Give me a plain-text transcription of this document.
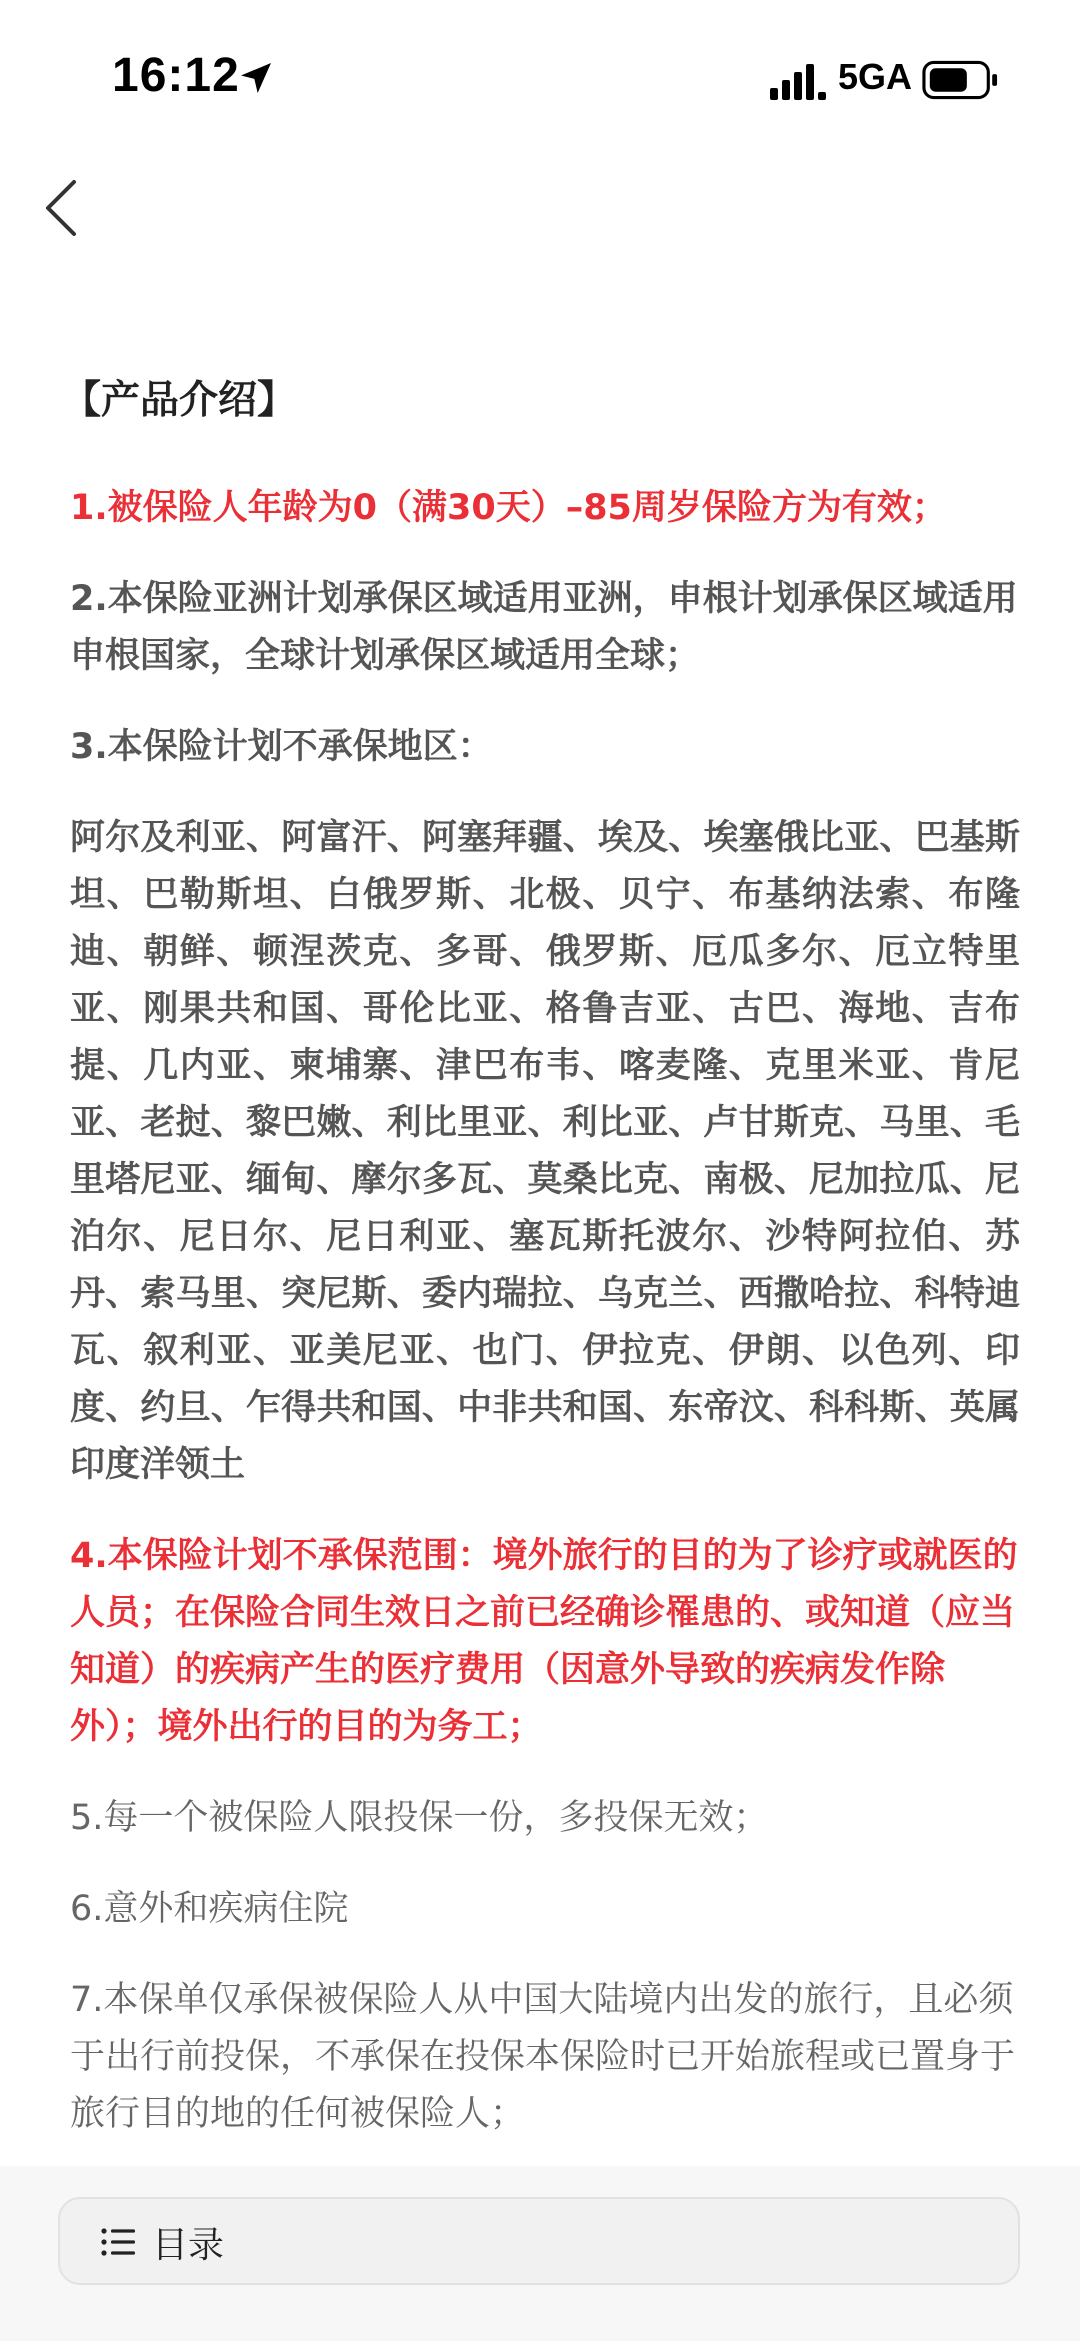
16:12	5GA
【产品介绍】

1.被保险人年龄为0（满30天）–85周岁保险方为有效；

2.本保险亚洲计划承保区域适用亚洲，申根计划承保区域适用申根国家，全球计划承保区域适用全球；

3.本保险计划不承保地区：

阿尔及利亚、阿富汗、阿塞拜疆、埃及、埃塞俄比亚、巴基斯坦、巴勒斯坦、白俄罗斯、北极、贝宁、布基纳法索、布隆迪、朝鲜、顿涅茨克、多哥、俄罗斯、厄瓜多尔、厄立特里亚、刚果共和国、哥伦比亚、格鲁吉亚、古巴、海地、吉布提、几内亚、柬埔寨、津巴布韦、喀麦隆、克里米亚、肯尼亚、老挝、黎巴嫩、利比里亚、利比亚、卢甘斯克、马里、毛里塔尼亚、缅甸、摩尔多瓦、莫桑比克、南极、尼加拉瓜、尼泊尔、尼日尔、尼日利亚、塞瓦斯托波尔、沙特阿拉伯、苏丹、索马里、突尼斯、委内瑞拉、乌克兰、西撒哈拉、科特迪瓦、叙利亚、亚美尼亚、也门、伊拉克、伊朗、以色列、印度、约旦、乍得共和国、中非共和国、东帝汶、科科斯、英属印度洋领土

4.本保险计划不承保范围：境外旅行的目的为了诊疗或就医的人员；在保险合同生效日之前已经确诊罹患的、或知道（应当知道）的疾病产生的医疗费用（因意外导致的疾病发作除外）；境外出行的目的为务工；

5.每一个被保险人限投保一份，多投保无效；

6.意外和疾病住院

7.本保单仅承保被保险人从中国大陆境内出发的旅行，且必须于出行前投保，不承保在投保本保险时已开始旅程或已置身于旅行目的地的任何被保险人；

目录
